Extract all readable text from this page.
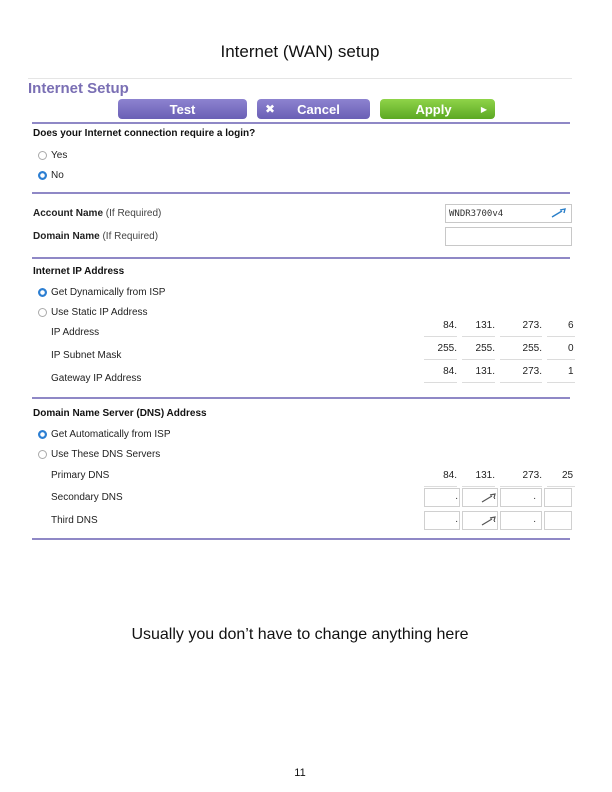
Internet (WAN) setup
Internet Setup
Test	✖ Cancel	Apply	▶
Does your Internet connection require a login?
Yes
No
Account Name (If Required)	WNDR3700v4
Domain Name (If Required)
Internet IP Address
Get Dynamically from ISP
Use Static IP Address
IP Address
84.	131.	273.	6
IP Subnet Mask
255.	255.	255.	0
Gateway IP Address
84.	131.	273.	1
Domain Name Server (DNS) Address
Get Automatically from ISP
Use These DNS Servers
Primary DNS	84.	131.	273.	25
Secondary DNS	.	.	.
Third DNS	.	.	.
Usually you don’t have to change anything here
11
